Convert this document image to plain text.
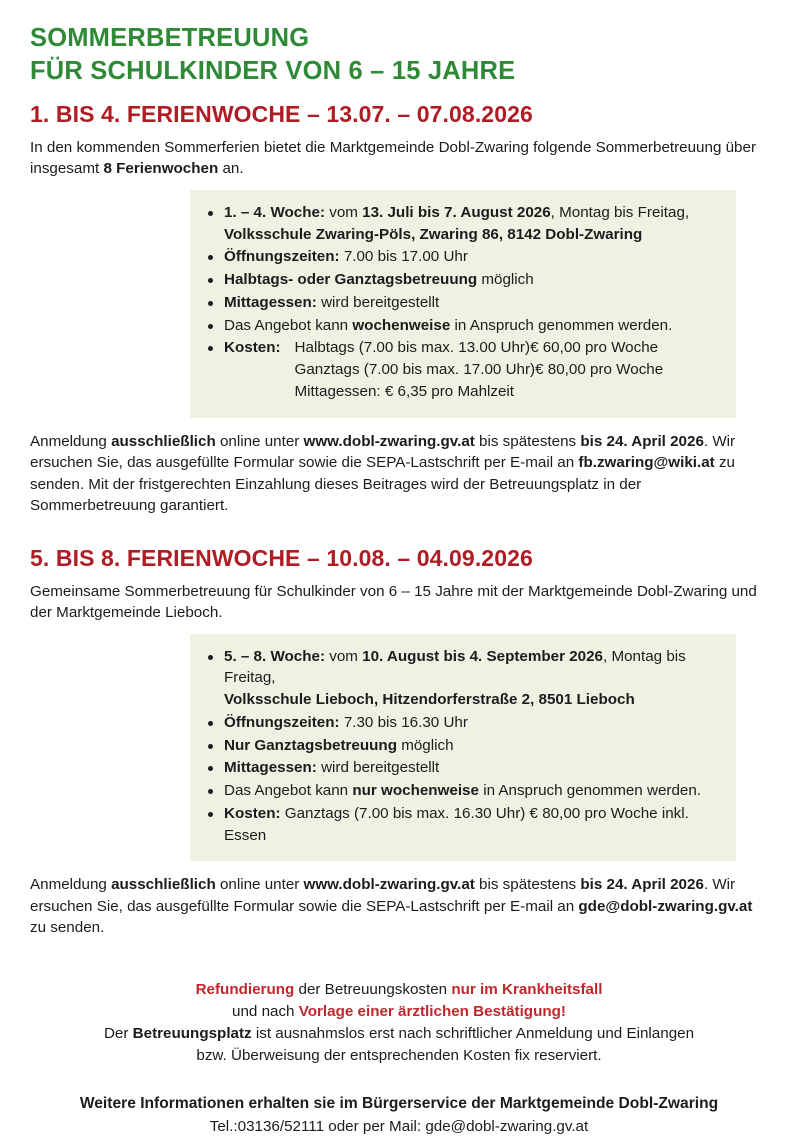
SOMMERBETREUUNG
FÜR SCHULKINDER VON 6 – 15 JAHRE
1. BIS 4. FERIENWOCHE – 13.07. – 07.08.2026

In den kommenden Sommerferien bietet die Marktgemeinde Dobl-Zwaring folgende Sommerbetreuung über insgesamt 8 Ferienwochen an.

1. – 4. Woche: vom 13. Juli bis 7. August 2026, Montag bis Freitag,
Volksschule Zwaring-Pöls, Zwaring 86, 8142 Dobl-Zwaring
Öffnungszeiten: 7.00 bis 17.00 Uhr
Halbtags- oder Ganztagsbetreuung möglich
Mittagessen: wird bereitgestellt
Das Angebot kann wochenweise in Anspruch genommen werden.
Kosten: Halbtags (7.00 bis max. 13.00 Uhr) € 60,00 pro Woche
Ganztags (7.00 bis max. 17.00 Uhr) € 80,00 pro Woche
Mittagessen: € 6,35 pro Mahlzeit

Anmeldung ausschließlich online unter www.dobl-zwaring.gv.at bis spätestens bis 24. April 2026. Wir ersuchen Sie, das ausgefüllte Formular sowie die SEPA-Lastschrift per E-mail an fb.zwaring@wiki.at zu senden. Mit der fristgerechten Einzahlung dieses Beitrages wird der Betreuungsplatz in der Sommerbetreuung garantiert.

5. BIS 8. FERIENWOCHE – 10.08. – 04.09.2026

Gemeinsame Sommerbetreuung für Schulkinder von 6 – 15 Jahre mit der Marktgemeinde Dobl-Zwaring und der Marktgemeinde Lieboch.

5. – 8. Woche: vom 10. August bis 4. September 2026, Montag bis Freitag,
Volksschule Lieboch, Hitzendorferstraße 2, 8501 Lieboch
Öffnungszeiten: 7.30 bis 16.30 Uhr
Nur Ganztagsbetreuung möglich
Mittagessen: wird bereitgestellt
Das Angebot kann nur wochenweise in Anspruch genommen werden.
Kosten: Ganztags (7.00 bis max. 16.30 Uhr) € 80,00 pro Woche inkl. Essen

Anmeldung ausschließlich online unter www.dobl-zwaring.gv.at bis spätestens bis 24. April 2026. Wir ersuchen Sie, das ausgefüllte Formular sowie die SEPA-Lastschrift per E-mail an gde@dobl-zwaring.gv.at zu senden.

Refundierung der Betreuungskosten nur im Krankheitsfall
und nach Vorlage einer ärztlichen Bestätigung!
Der Betreuungsplatz ist ausnahmslos erst nach schriftlicher Anmeldung und Einlangen
bzw. Überweisung der entsprechenden Kosten fix reserviert.
Weitere Informationen erhalten sie im Bürgerservice der Marktgemeinde Dobl-Zwaring
Tel.:03136/52111 oder per Mail: gde@dobl-zwaring.gv.at
